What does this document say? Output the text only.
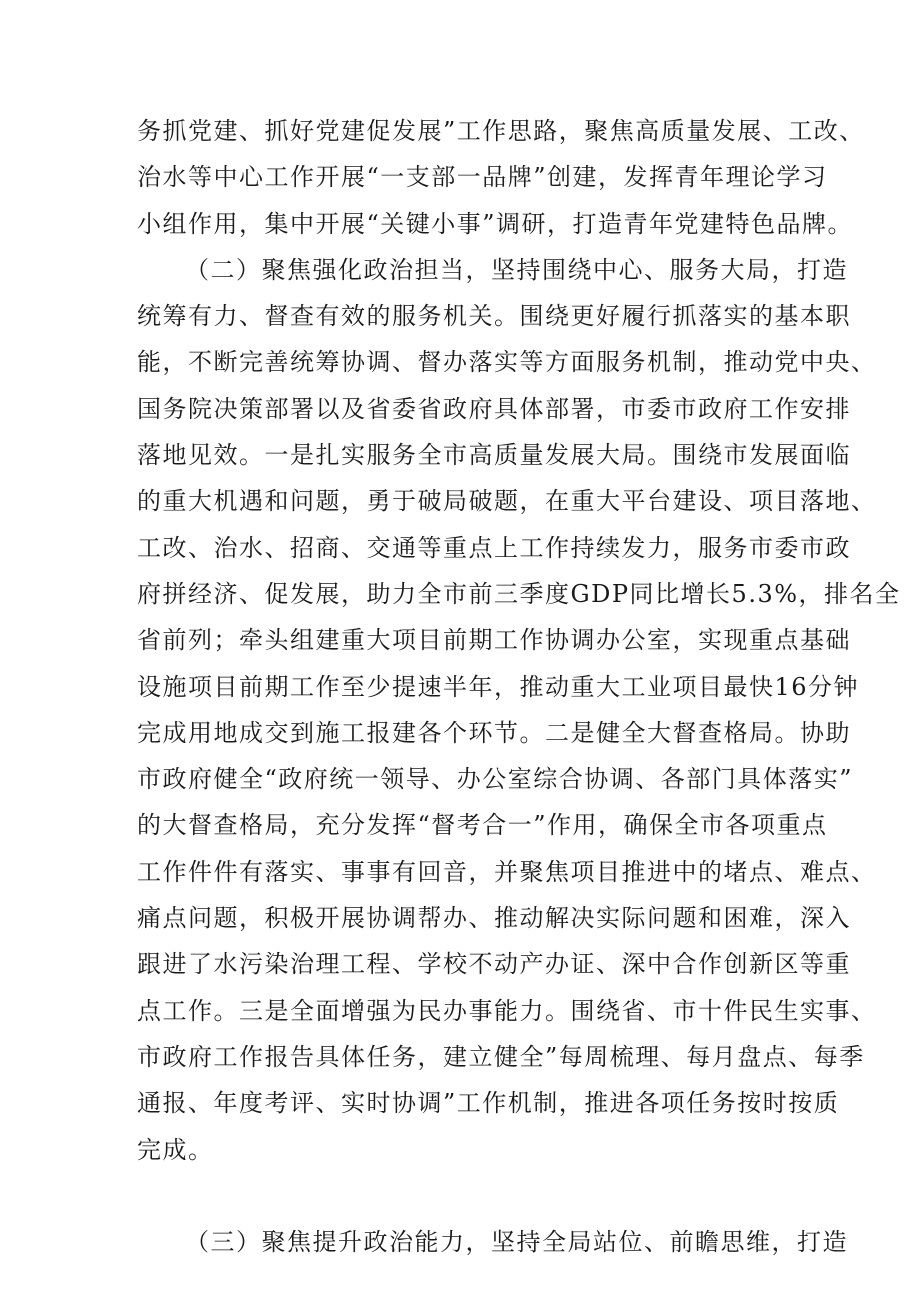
务抓党建、抓好党建促发展”工作思路，聚焦高质量发展、工改、
治水等中心工作开展“一支部一品牌”创建，发挥青年理论学习
小组作用，集中开展“关键小事”调研，打造青年党建特色品牌。
（二）聚焦强化政治担当，坚持围绕中心、服务大局，打造
统筹有力、督查有效的服务机关。围绕更好履行抓落实的基本职
能，不断完善统筹协调、督办落实等方面服务机制，推动党中央、
国务院决策部署以及省委省政府具体部署，市委市政府工作安排
落地见效。一是扎实服务全市高质量发展大局。围绕市发展面临
的重大机遇和问题，勇于破局破题，在重大平台建设、项目落地、
工改、治水、招商、交通等重点上工作持续发力，服务市委市政
府拼经济、促发展，助力全市前三季度GDP同比增长5.3%，排名全
省前列；牵头组建重大项目前期工作协调办公室，实现重点基础
设施项目前期工作至少提速半年，推动重大工业项目最快16分钟
完成用地成交到施工报建各个环节。二是健全大督查格局。协助
市政府健全“政府统一领导、办公室综合协调、各部门具体落实”
的大督查格局，充分发挥“督考合一”作用，确保全市各项重点
工作件件有落实、事事有回音，并聚焦项目推进中的堵点、难点、
痛点问题，积极开展协调帮办、推动解决实际问题和困难，深入
跟进了水污染治理工程、学校不动产办证、深中合作创新区等重
点工作。三是全面增强为民办事能力。围绕省、市十件民生实事、
市政府工作报告具体任务，建立健全”每周梳理、每月盘点、每季
通报、年度考评、实时协调”工作机制，推进各项任务按时按质
完成。
（三）聚焦提升政治能力，坚持全局站位、前瞻思维，打造
